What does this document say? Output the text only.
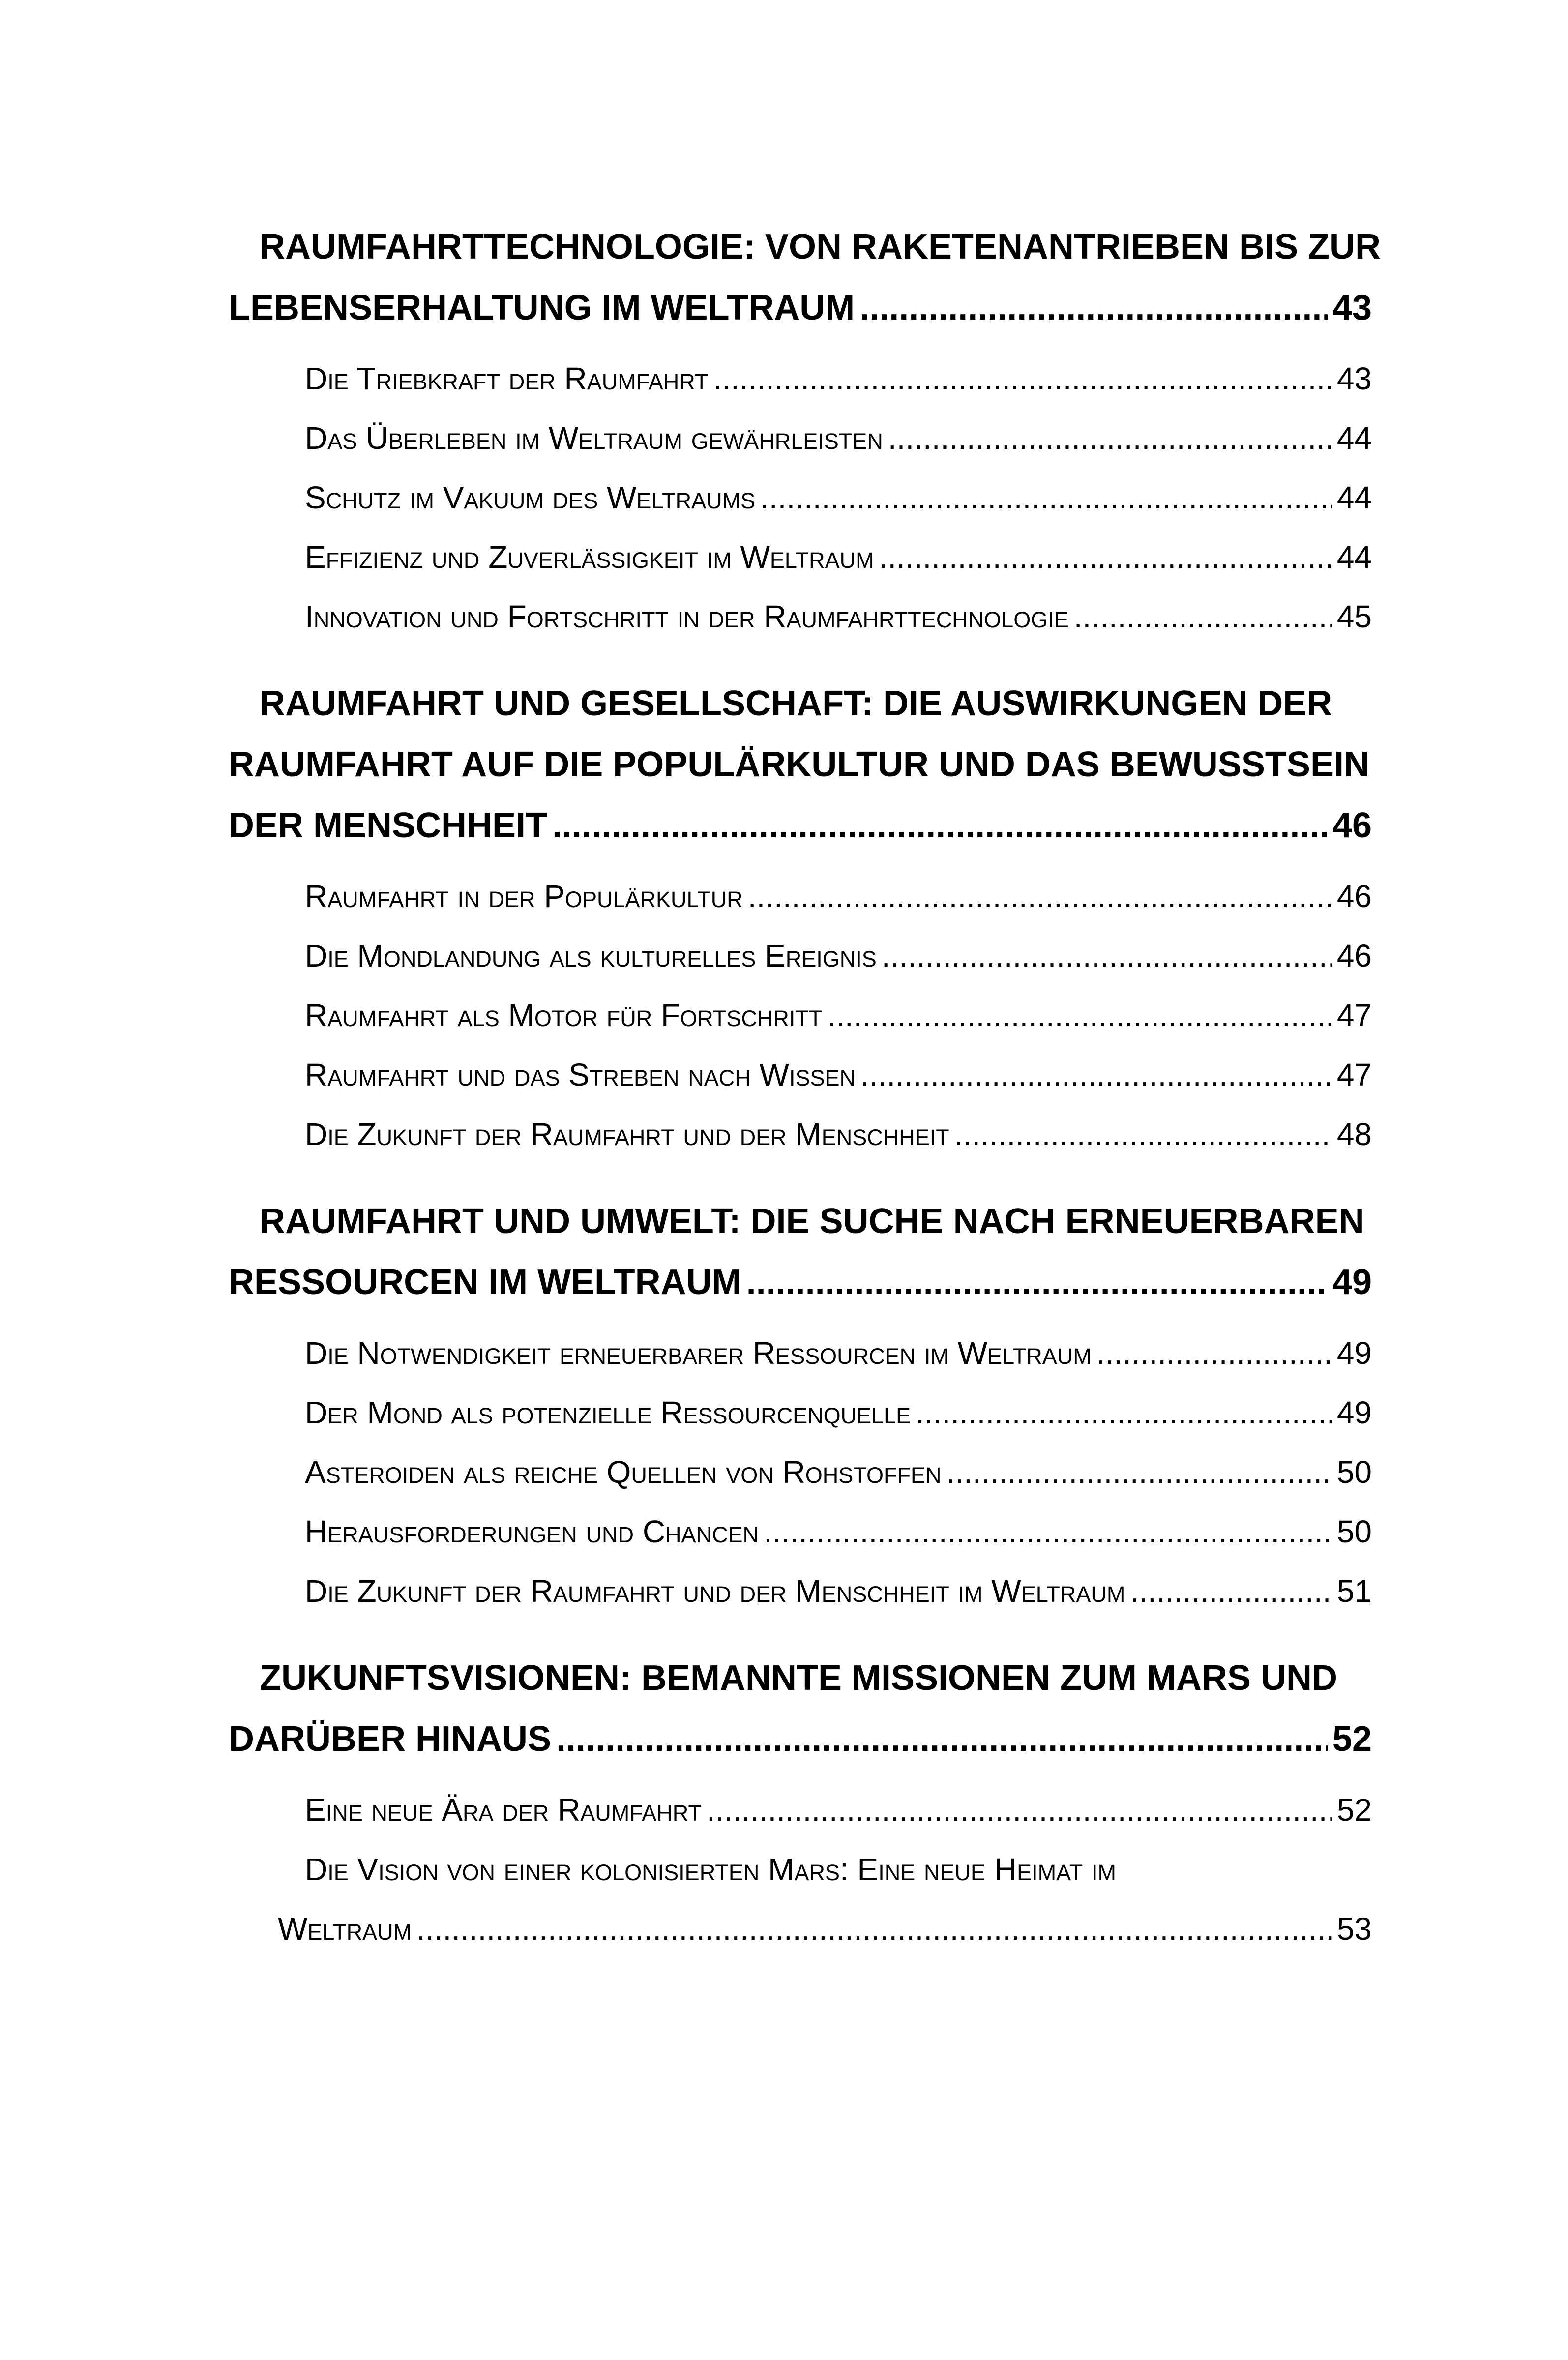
RAUMFAHRTTECHNOLOGIE: VON RAKETENANTRIEBEN BIS ZUR
LEBENSERHALTUNG IM WELTRAUM .....	43
Die Triebkraft der Raumfahrt .....	43
Das Überleben im Weltraum gewährleisten .....	44
Schutz im Vakuum des Weltraums .....	44
Effizienz und Zuverlässigkeit im Weltraum .....	44
Innovation und Fortschritt in der Raumfahrttechnologie .....	45
RAUMFAHRT UND GESELLSCHAFT: DIE AUSWIRKUNGEN DER
RAUMFAHRT AUF DIE POPULÄRKULTUR UND DAS BEWUSSTSEIN
DER MENSCHHEIT .....	46
Raumfahrt in der Populärkultur .....	46
Die Mondlandung als kulturelles Ereignis .....	46
Raumfahrt als Motor für Fortschritt .....	47
Raumfahrt und das Streben nach Wissen .....	47
Die Zukunft der Raumfahrt und der Menschheit .....	48
RAUMFAHRT UND UMWELT: DIE SUCHE NACH ERNEUERBAREN
RESSOURCEN IM WELTRAUM .....	49
Die Notwendigkeit erneuerbarer Ressourcen im Weltraum .....	49
Der Mond als potenzielle Ressourcenquelle .....	49
Asteroiden als reiche Quellen von Rohstoffen .....	50
Herausforderungen und Chancen .....	50
Die Zukunft der Raumfahrt und der Menschheit im Weltraum .....	51
ZUKUNFTSVISIONEN: BEMANNTE MISSIONEN ZUM MARS UND
DARÜBER HINAUS .....	52
Eine neue Ära der Raumfahrt .....	52
Die Vision von einer kolonisierten Mars: Eine neue Heimat im
Weltraum .....	53
